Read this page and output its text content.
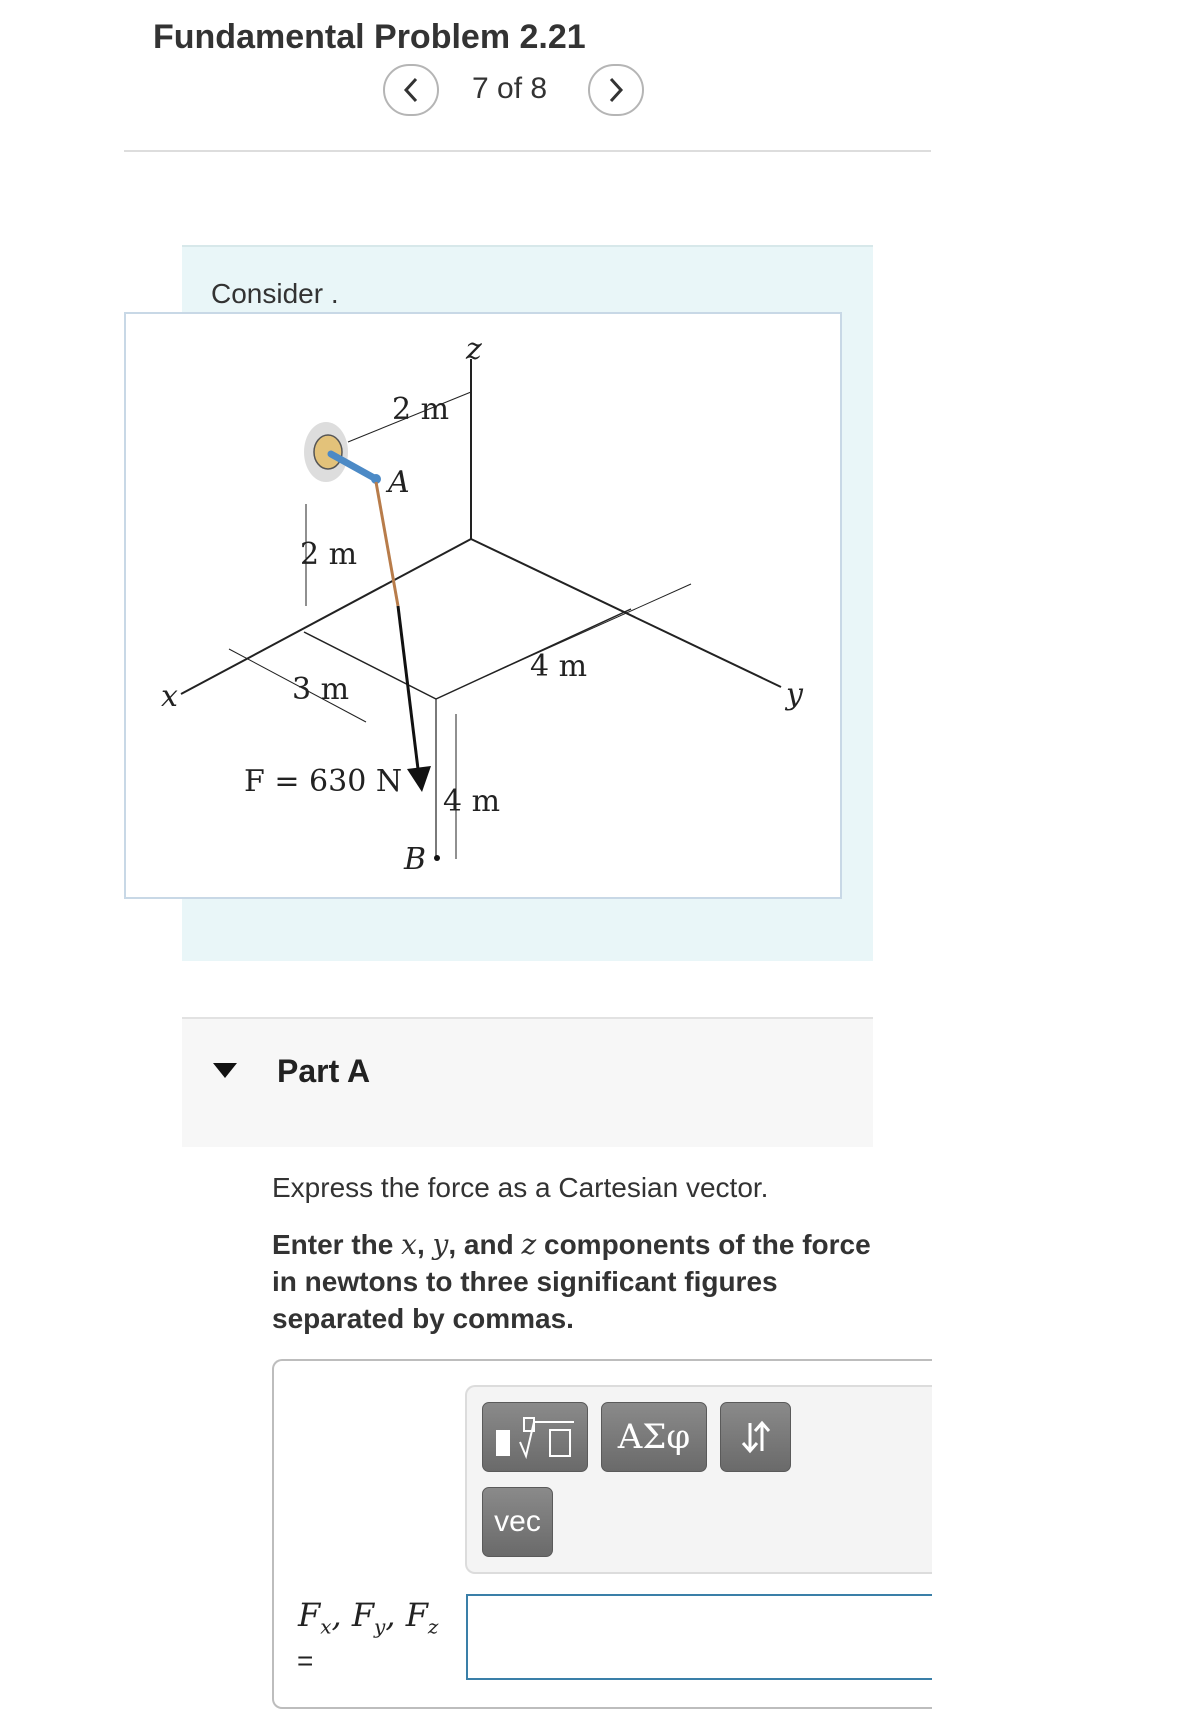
Fundamental Problem 2.21
7 of 8
Consider .
z
x	y
A
B
2 m
2 m
3 m
4 m
4 m
F = 630 N
Part A
Express the force as a Cartesian vector.
Enter the x, y, and z components of the force in newtons to three significant figures separated by commas.
ΑΣφ
vec
$F_x$, $F_y$, $F_z$
=
